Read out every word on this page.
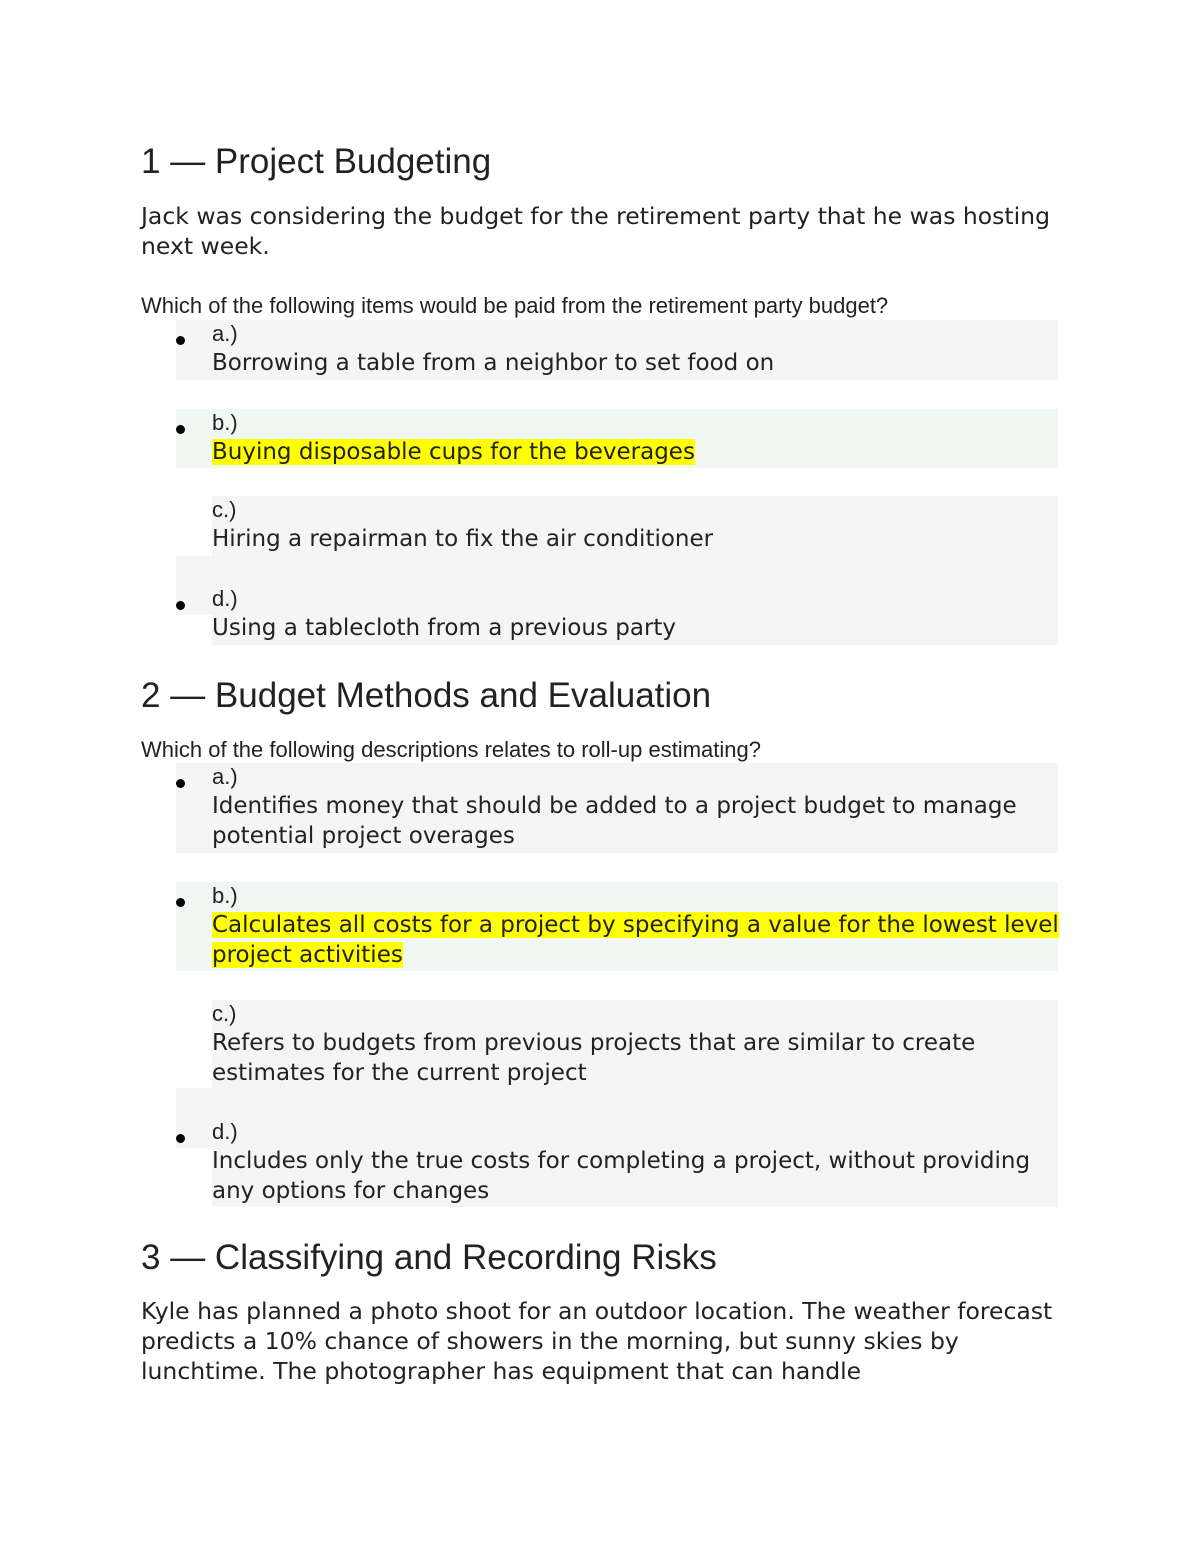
1 — Project Budgeting

Jack was considering the budget for the retirement party that he was hosting next week.

Which of the following items would be paid from the retirement party budget?

a.)
Borrowing a table from a neighbor to set food on
b.)
Buying disposable cups for the beverages
c.)
Hiring a repairman to fix the air conditioner
d.)
Using a tablecloth from a previous party
2 — Budget Methods and Evaluation

Which of the following descriptions relates to roll-up estimating?

a.)
Identifies money that should be added to a project budget to manage potential project overages
b.)
Calculates all costs for a project by specifying a value for the lowest level project activities
c.)
Refers to budgets from previous projects that are similar to create estimates for the current project
d.)
Includes only the true costs for completing a project, without providing any options for changes
3 — Classifying and Recording Risks

Kyle has planned a photo shoot for an outdoor location. The weather forecast predicts a 10% chance of showers in the morning, but sunny skies by lunchtime. The photographer has equipment that can handle
